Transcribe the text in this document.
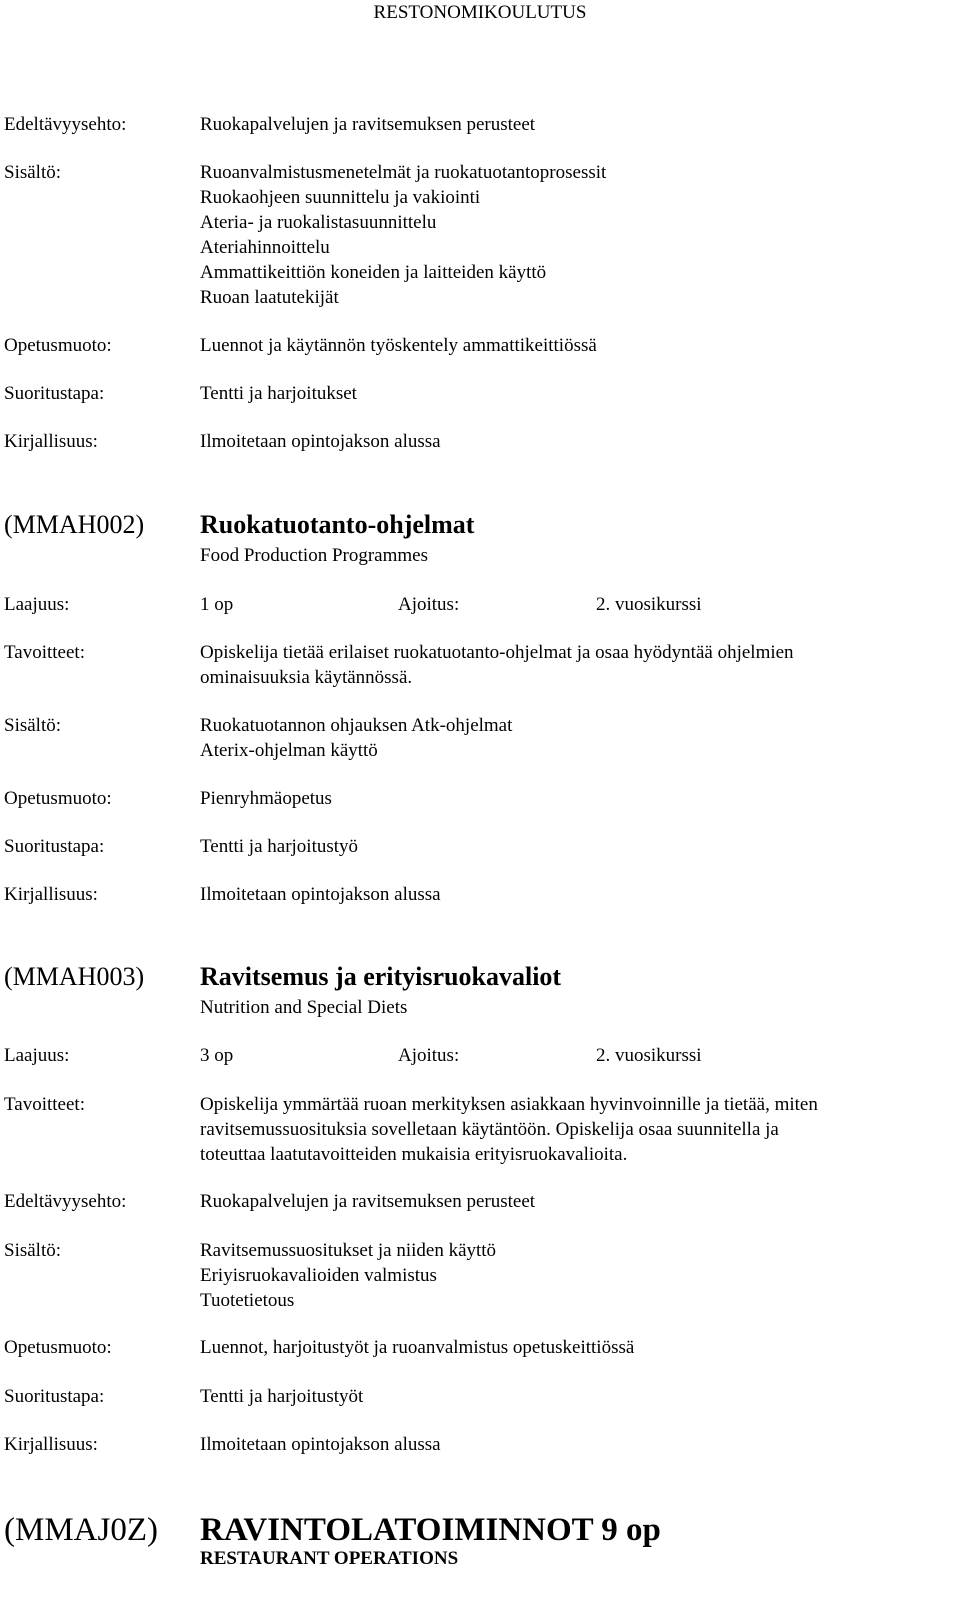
RESTONOMIKOULUTUS
Edeltävyysehto:	Ruokapalvelujen ja ravitsemuksen perusteet
Sisältö:	Ruoanvalmistusmenetelmät ja ruokatuotantoprosessit
Ruokaohjeen suunnittelu ja vakiointi
Ateria- ja ruokalistasuunnittelu
Ateriahinnoittelu
Ammattikeittiön koneiden ja laitteiden käyttö
Ruoan laatutekijät
Opetusmuoto:	Luennot ja käytännön työskentely ammattikeittiössä
Suoritustapa:	Tentti ja harjoitukset
Kirjallisuus:	Ilmoitetaan opintojakson alussa
(MMAH002) Ruokatuotanto-ohjelmat
Food Production Programmes
Laajuus:	1 op	Ajoitus:	2. vuosikurssi
Tavoitteet:	Opiskelija tietää erilaiset ruokatuotanto-ohjelmat ja osaa hyödyntää ohjelmien
ominaisuuksia käytännössä.
Sisältö:	Ruokatuotannon ohjauksen Atk-ohjelmat
Aterix-ohjelman käyttö
Opetusmuoto:	Pienryhmäopetus
Suoritustapa:	Tentti ja harjoitustyö
Kirjallisuus:	Ilmoitetaan opintojakson alussa
(MMAH003) Ravitsemus ja erityisruokavaliot
Nutrition and Special Diets
Laajuus:	3 op	Ajoitus:	2. vuosikurssi
Tavoitteet:	Opiskelija ymmärtää ruoan merkityksen asiakkaan hyvinvoinnille ja tietää, miten
ravitsemussuosituksia sovelletaan käytäntöön. Opiskelija osaa suunnitella ja
toteuttaa laatutavoitteiden mukaisia erityisruokavalioita.
Edeltävyysehto:	Ruokapalvelujen ja ravitsemuksen perusteet
Sisältö:	Ravitsemussuositukset ja niiden käyttö
Eriyisruokavalioiden valmistus
Tuotetietous
Opetusmuoto:	Luennot, harjoitustyöt ja ruoanvalmistus opetuskeittiössä
Suoritustapa:	Tentti ja harjoitustyöt
Kirjallisuus:	Ilmoitetaan opintojakson alussa
(MMAJ0Z) RAVINTOLATOIMINNOT 9 op
RESTAURANT OPERATIONS
